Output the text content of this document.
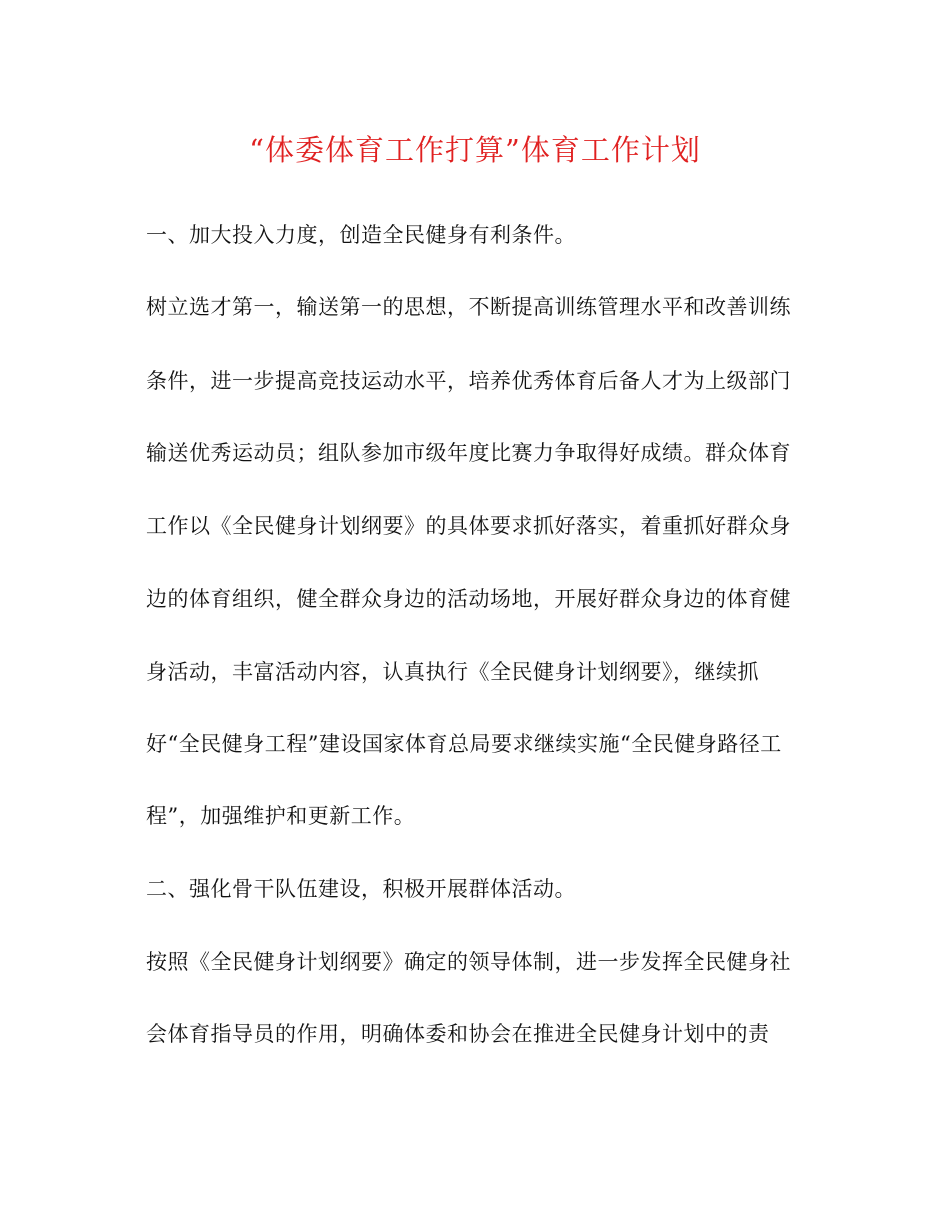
“体委体育工作打算”体育工作计划
一、加大投入力度，创造全民健身有利条件。
树立选才第一，输送第一的思想，不断提高训练管理水平和改善训练
条件，进一步提高竞技运动水平，培养优秀体育后备人才为上级部门
输送优秀运动员；组队参加市级年度比赛力争取得好成绩。群众体育
工作以《全民健身计划纲要》的具体要求抓好落实，着重抓好群众身
边的体育组织，健全群众身边的活动场地，开展好群众身边的体育健
身活动，丰富活动内容，认真执行《全民健身计划纲要》，继续抓
好“全民健身工程”建设国家体育总局要求继续实施“全民健身路径工
程”，加强维护和更新工作。
二、强化骨干队伍建设，积极开展群体活动。
按照《全民健身计划纲要》确定的领导体制，进一步发挥全民健身社
会体育指导员的作用，明确体委和协会在推进全民健身计划中的责
